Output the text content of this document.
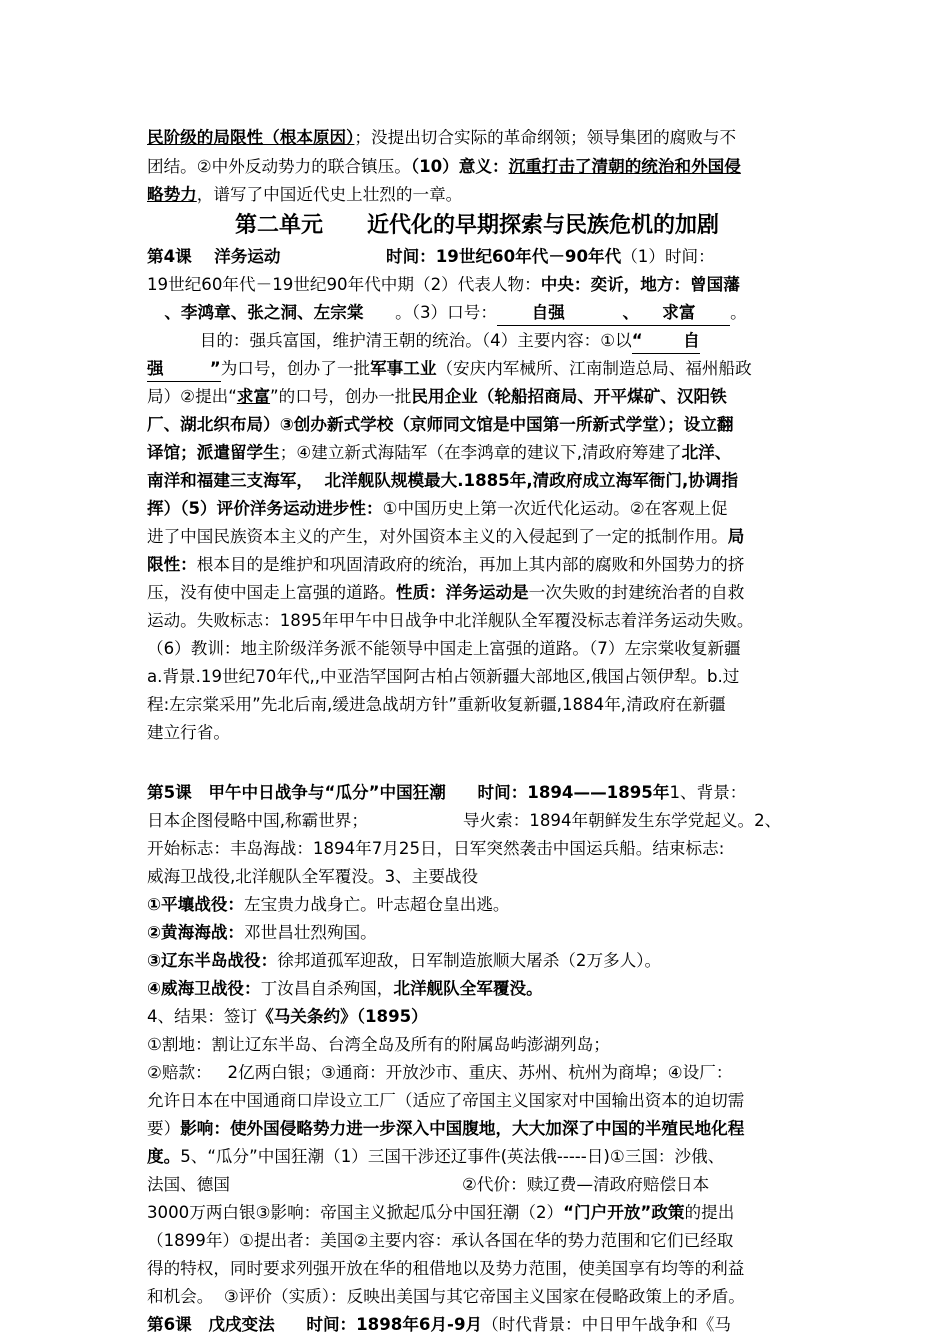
第二单元　　近代化的早期探索与民族危机的加剧
民阶级的局限性（根本原因）；没提出切合实际的革命纲领；领导集团的腐败与不
团结。②中外反动势力的联合镇压。（10）意义：沉重打击了清朝的统治和外国侵
略势力，谱写了中国近代史上壮烈的一章。
第4课　 洋务运动	时间：19世纪60年代－90年代（1）时间：
19世纪60年代－19世纪90年代中期（2）代表人物：中央：奕䜣，地方：曾国藩
、李鸿章、张之洞、左宗棠      。（3）口号：      自强          、    求富      。
目的：强兵富国，维护清王朝的统治。（4）主要内容：①以“       自
强        ”为口号，创办了一批军事工业（安庆内军械所、江南制造总局、福州船政
局）②提出“求富”的口号，创办一批民用企业（轮船招商局、开平煤矿、汉阳铁
厂、湖北织布局）③创办新式学校（京师同文馆是中国第一所新式学堂）；设立翻
译馆；派遣留学生；④建立新式海陆军（在李鸿章的建议下,清政府筹建了北洋、
南洋和福建三支海军，  北洋舰队规模最大.1885年,清政府成立海军衙门,协调指
挥）（5）评价洋务运动进步性：①中国历史上第一次近代化运动。②在客观上促
进了中国民族资本主义的产生，对外国资本主义的入侵起到了一定的抵制作用。局
限性：根本目的是维护和巩固清政府的统治，再加上其内部的腐败和外国势力的挤
压，没有使中国走上富强的道路。性质：洋务运动是一次失败的封建统治者的自救
运动。失败标志：1895年甲午中日战争中北洋舰队全军覆没标志着洋务运动失败。
（6）教训：地主阶级洋务派不能领导中国走上富强的道路。（7）左宗棠收复新疆
a.背景.19世纪70年代,,中亚浩罕国阿古柏占领新疆大部地区,俄国占领伊犁。b.过
程:左宗棠采用”先北后南,缓进急战胡方针”重新收复新疆,1884年,清政府在新疆
建立行省。
第5课　甲午中日战争与“瓜分”中国狂潮 时间：1894——1895年1、背景：
日本企图侵略中国,称霸世界；                  导火索：1894年朝鲜发生东学党起义。2、
开始标志：丰岛海战：1894年7月25日，日军突然袭击中国运兵船。结束标志:
威海卫战役,北洋舰队全军覆没。3、主要战役
①平壤战役：左宝贵力战身亡。叶志超仓皇出逃。
②黄海海战：邓世昌壮烈殉国。
③辽东半岛战役：徐邦道孤军迎敌，日军制造旅顺大屠杀（2万多人）。
④威海卫战役：丁汝昌自杀殉国，北洋舰队全军覆没。
4、结果：签订《马关条约》（1895）
①割地：割让辽东半岛、台湾全岛及所有的附属岛屿澎湖列岛；
②赔款：   2亿两白银；③通商：开放沙市、重庆、苏州、杭州为商埠；④设厂：
允许日本在中国通商口岸设立工厂（适应了帝国主义国家对中国输出资本的迫切需
要）影响：使外国侵略势力进一步深入中国腹地，大大加深了中国的半殖民地化程
度。5、“瓜分”中国狂潮（1）三国干涉还辽事件(英法俄-----日)①三国：沙俄、
法国、德国                                            ②代价：赎辽费—清政府赔偿日本
3000万两白银③影响：帝国主义掀起瓜分中国狂潮（2）“门户开放”政策的提出
（1899年）①提出者：美国②主要内容：承认各国在华的势力范围和它们已经取
得的特权，同时要求列强开放在华的租借地以及势力范围，使美国享有均等的利益
和机会。  ③评价（实质）：反映出美国与其它帝国主义国家在侵略政策上的矛盾。
第6课　戊戌变法 时间：1898年6月-9月（时代背景：中日甲午战争和《马
